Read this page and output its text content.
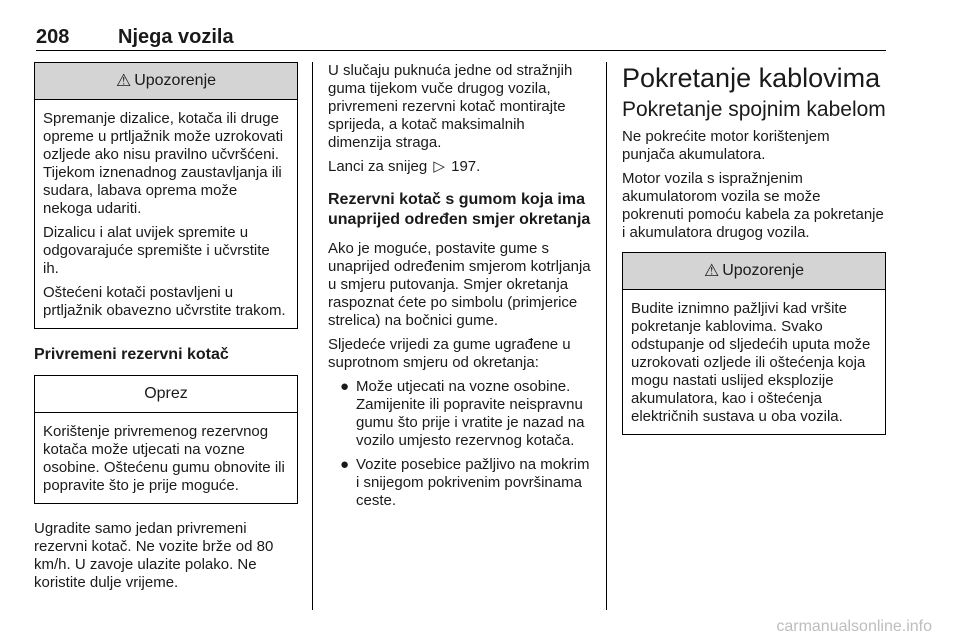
208 Njega vozila
⚠ Upozorenje

Spremanje dizalice, kotača ili druge opreme u prtljažnik može uzrokovati ozljede ako nisu pravilno učvršćeni. Tijekom iznenadnog zaustavljanja ili sudara, labava oprema može nekoga udariti.

Dizalicu i alat uvijek spremite u odgovarajuće spremište i učvrstite ih.

Oštećeni kotači postavljeni u prtljažnik obavezno učvrstite trakom.

Privremeni rezervni kotač
Oprez

Korištenje privremenog rezervnog kotača može utjecati na vozne osobine. Oštećenu gumu obnovite ili popravite što je prije moguće.

Ugradite samo jedan privremeni rezervni kotač. Ne vozite brže od 80 km/h. U zavoje ulazite polako. Ne koristite dulje vrijeme.

U slučaju puknuća jedne od stražnjih guma tijekom vuče drugog vozila, privremeni rezervni kotač montirajte sprijeda, a kotač maksimalnih dimenzija straga.

Lanci za snijeg ▷ 197.

Rezervni kotač s gumom koja ima unaprijed određen smjer okretanja

Ako je moguće, postavite gume s unaprijed određenim smjerom kotrljanja u smjeru putovanja. Smjer okretanja raspoznat ćete po simbolu (primjerice strelica) na bočnici gume.

Sljedeće vrijedi za gume ugrađene u suprotnom smjeru od okretanja:

● Može utjecati na vozne osobine. Zamijenite ili popravite neispravnu gumu što prije i vratite je nazad na vozilo umjesto rezervnog kotača.
● Vozite posebice pažljivo na mokrim i snijegom pokrivenim površinama ceste.
Pokretanje kablovima
Pokretanje spojnim kabelom

Ne pokrećite motor korištenjem punjača akumulatora.

Motor vozila s ispražnjenim akumulatorom vozila se može pokrenuti pomoću kabela za pokretanje i akumulatora drugog vozila.

⚠ Upozorenje

Budite iznimno pažljivi kad vršite pokretanje kablovima. Svako odstupanje od sljedećih uputa može uzrokovati ozljede ili oštećenja koja mogu nastati uslijed eksplozije akumulatora, kao i oštećenja električnih sustava u oba vozila.

carmanualsonline.info
